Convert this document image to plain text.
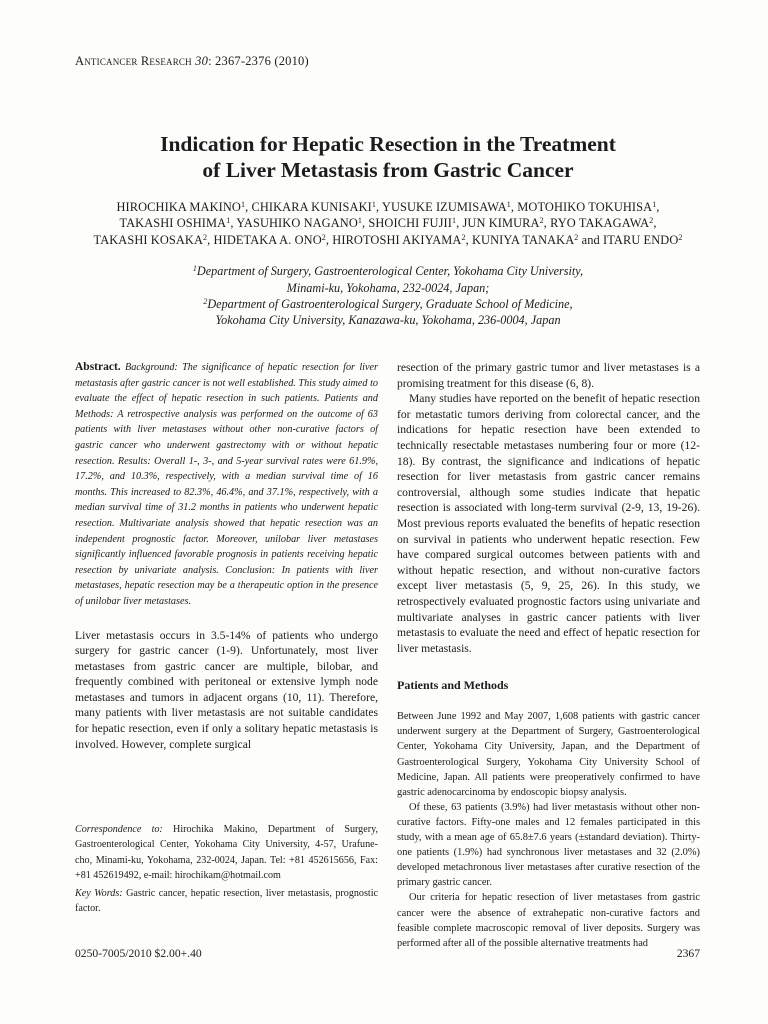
Anticancer Research 30: 2367-2376 (2010)
Indication for Hepatic Resection in the Treatment
of Liver Metastasis from Gastric Cancer
HIROCHIKA MAKINO$^1$, CHIKARA KUNISAKI$^1$, YUSUKE IZUMISAWA$^1$, MOTOHIKO TOKUHISA$^1$,
TAKASHI OSHIMA$^1$, YASUHIKO NAGANO$^1$, SHOICHI FUJII$^1$, JUN KIMURA$^2$, RYO TAKAGAWA$^2$,
TAKASHI KOSAKA$^2$, HIDETAKA A. ONO$^2$, HIROTOSHI AKIYAMA$^2$, KUNIYA TANAKA$^2$ and ITARU ENDO$^2$
$^1$Department of Surgery, Gastroenterological Center, Yokohama City University,
Minami-ku, Yokohama, 232-0024, Japan;
$^2$Department of Gastroenterological Surgery, Graduate School of Medicine,
Yokohama City University, Kanazawa-ku, Yokohama, 236-0004, Japan

Abstract. Background: The significance of hepatic resection for liver metastasis after gastric cancer is not well established. This study aimed to evaluate the effect of hepatic resection in such patients. Patients and Methods: A retrospective analysis was performed on the outcome of 63 patients with liver metastases without other non-curative factors of gastric cancer who underwent gastrectomy with or without hepatic resection. Results: Overall 1-, 3-, and 5-year survival rates were 61.9%, 17.2%, and 10.3%, respectively, with a median survival time of 16 months. This increased to 82.3%, 46.4%, and 37.1%, respectively, with a median survival time of 31.2 months in patients who underwent hepatic resection. Multivariate analysis showed that hepatic resection was an independent prognostic factor. Moreover, unilobar liver metastases significantly influenced favorable prognosis in patients receiving hepatic resection by univariate analysis. Conclusion: In patients with liver metastases, hepatic resection may be a therapeutic option in the presence of unilobar liver metastases.

Liver metastasis occurs in 3.5-14% of patients who undergo surgery for gastric cancer (1-9). Unfortunately, most liver metastases from gastric cancer are multiple, bilobar, and frequently combined with peritoneal or extensive lymph node metastases and tumors in adjacent organs (10, 11). Therefore, many patients with liver metastasis are not suitable candidates for hepatic resection, even if only a solitary hepatic metastasis is involved. However, complete surgical

Correspondence to: Hirochika Makino, Department of Surgery, Gastroenterological Center, Yokohama City University, 4-57, Urafune-cho, Minami-ku, Yokohama, 232-0024, Japan. Tel: +81 452615656, Fax: +81 452619492, e-mail: hirochikam@hotmail.com
Key Words: Gastric cancer, hepatic resection, liver metastasis, prognostic factor.

resection of the primary gastric tumor and liver metastases is a promising treatment for this disease (6, 8).

Many studies have reported on the benefit of hepatic resection for metastatic tumors deriving from colorectal cancer, and the indications for hepatic resection have been extended to technically resectable metastases numbering four or more (12-18). By contrast, the significance and indications of hepatic resection for liver metastasis from gastric cancer remains controversial, although some studies indicate that hepatic resection is associated with long-term survival (2-9, 13, 19-26). Most previous reports evaluated the benefits of hepatic resection on survival in patients who underwent hepatic resection. Few have compared surgical outcomes between patients with and without hepatic resection, and without non-curative factors except liver metastasis (5, 9, 25, 26). In this study, we retrospectively evaluated prognostic factors using univariate and multivariate analyses in gastric cancer patients with liver metastasis to evaluate the need and effect of hepatic resection for liver metastasis.

Patients and Methods

Between June 1992 and May 2007, 1,608 patients with gastric cancer underwent surgery at the Department of Surgery, Gastroenterological Center, Yokohama City University, Japan, and the Department of Gastroenterological Surgery, Yokohama City University School of Medicine, Japan. All patients were preoperatively confirmed to have gastric adenocarcinoma by endoscopic biopsy analysis.

Of these, 63 patients (3.9%) had liver metastasis without other non-curative factors. Fifty-one males and 12 females participated in this study, with a mean age of 65.8±7.6 years (±standard deviation). Thirty-one patients (1.9%) had synchronous liver metastases and 32 (2.0%) developed metachronous liver metastases after curative resection of the primary gastric cancer.

Our criteria for hepatic resection of liver metastases from gastric cancer were the absence of extrahepatic non-curative factors and feasible complete macroscopic removal of liver deposits. Surgery was performed after all of the possible alternative treatments had

0250-7005/2010 $2.00+.40	2367
